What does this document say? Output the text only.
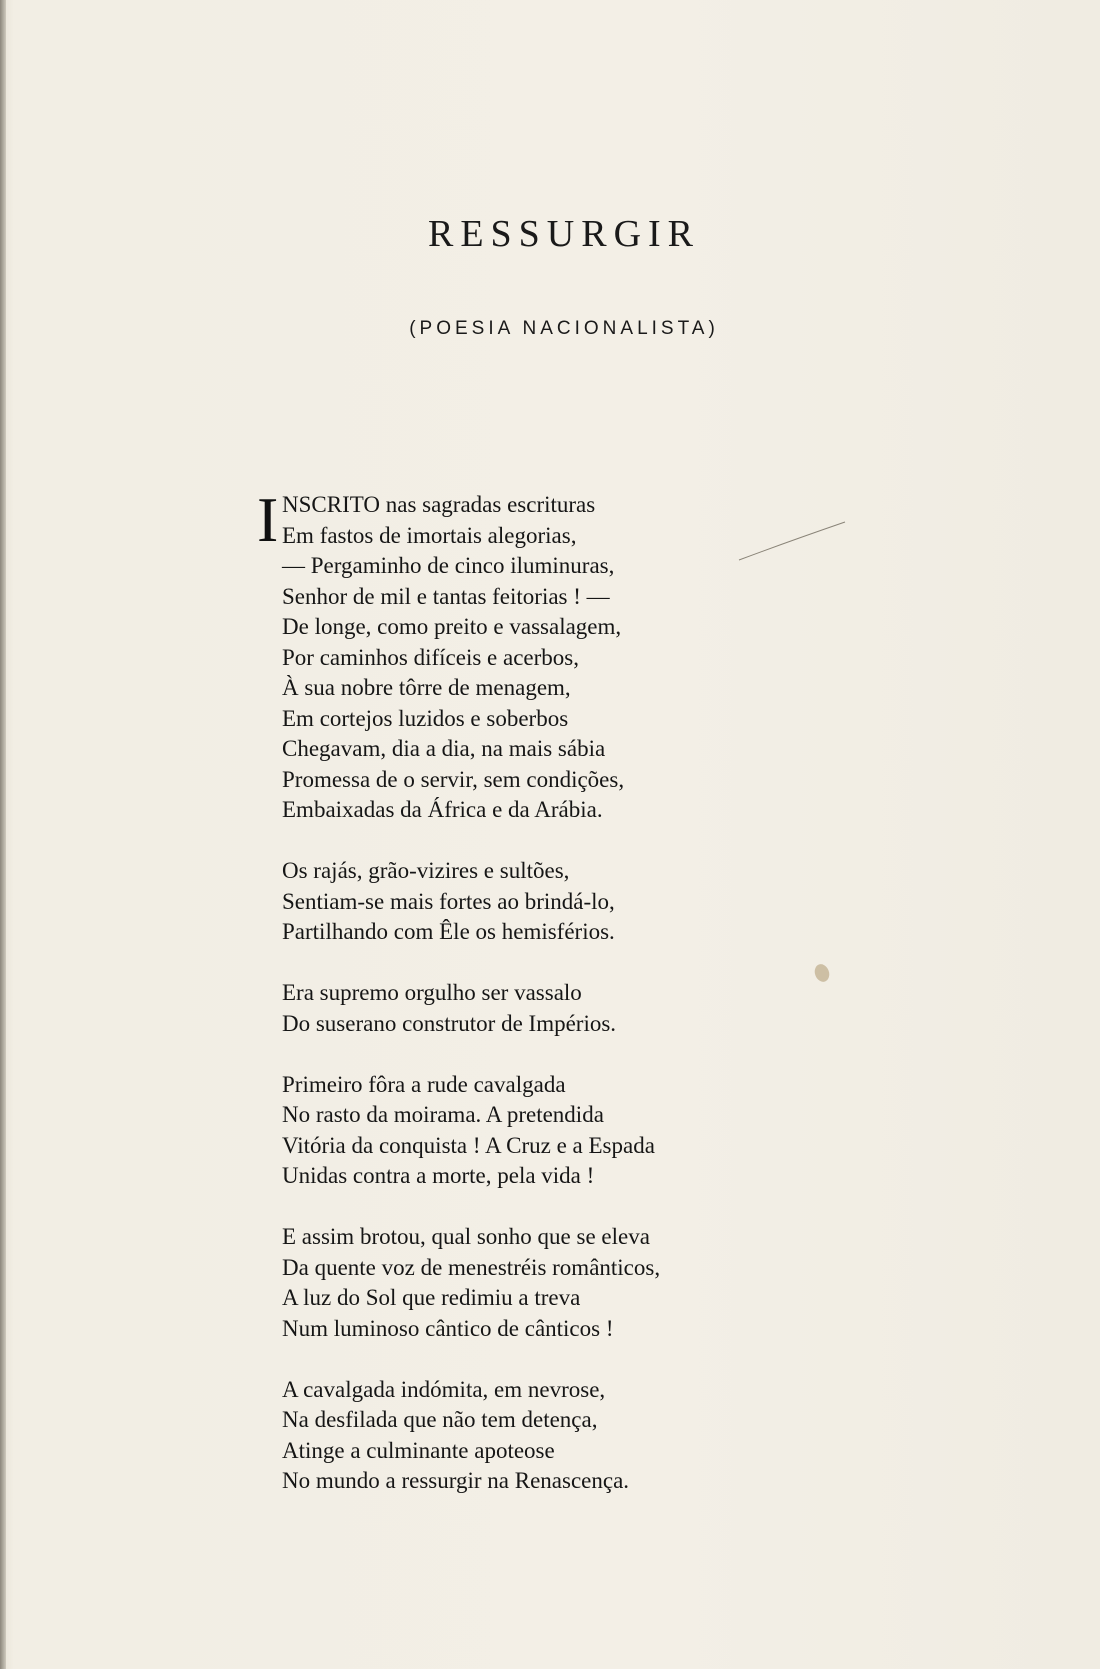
RESSURGIR
(POESIA NACIONALISTA)
I NSCRITO nas sagradas escrituras
Em fastos de imortais alegorias,
— Pergaminho de cinco iluminuras,
Senhor de mil e tantas feitorias ! —
De longe, como preito e vassalagem,
Por caminhos difíceis e acerbos,
À sua nobre tôrre de menagem,
Em cortejos luzidos e soberbos
Chegavam, dia a dia, na mais sábia
Promessa de o servir, sem condições,
Embaixadas da África e da Arábia.
Os rajás, grão-vizires e sultões,
Sentiam-se mais fortes ao brindá-lo,
Partilhando com Êle os hemisférios.
Era supremo orgulho ser vassalo
Do suserano construtor de Impérios.
Primeiro fôra a rude cavalgada
No rasto da moirama. A pretendida
Vitória da conquista ! A Cruz e a Espada
Unidas contra a morte, pela vida !
E assim brotou, qual sonho que se eleva
Da quente voz de menestréis românticos,
A luz do Sol que redimiu a treva
Num luminoso cântico de cânticos !
A cavalgada indómita, em nevrose,
Na desfilada que não tem detença,
Atinge a culminante apoteose
No mundo a ressurgir na Renascença.
